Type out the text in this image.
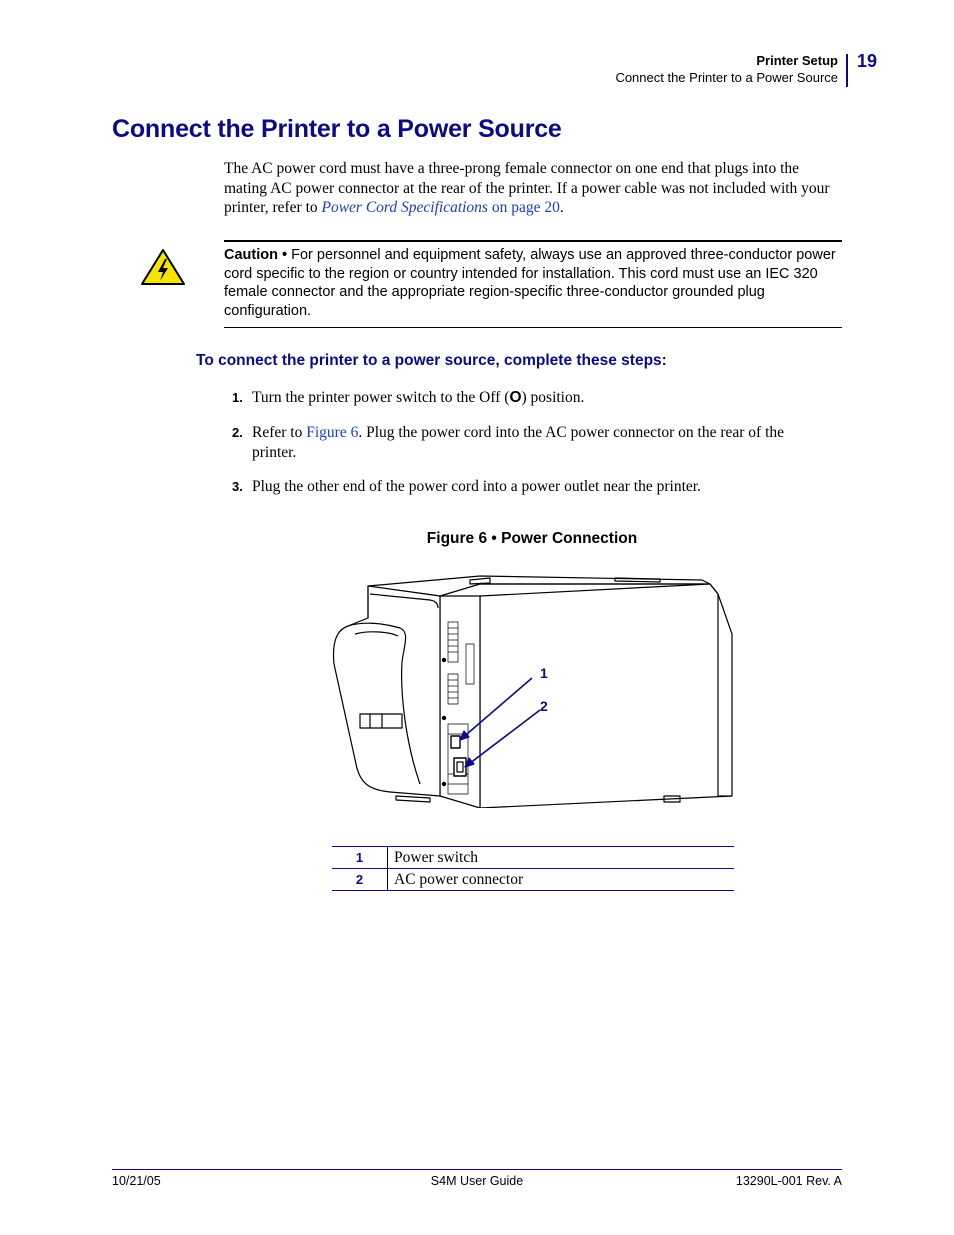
Printer Setup
Connect the Printer to a Power Source
19
Connect the Printer to a Power Source
The AC power cord must have a three-prong female connector on one end that plugs into the mating AC power connector at the rear of the printer. If a power cable was not included with your printer, refer to Power Cord Specifications on page 20.
Caution • For personnel and equipment safety, always use an approved three-conductor power cord specific to the region or country intended for installation. This cord must use an IEC 320 female connector and the appropriate region-specific three-conductor grounded plug configuration.
To connect the printer to a power source, complete these steps:
1. Turn the printer power switch to the Off (O) position.
2. Refer to Figure 6. Plug the power cord into the AC power connector on the rear of the printer.
3. Plug the other end of the power cord into a power outlet near the printer.
Figure 6 • Power Connection
1
2
1	Power switch
2	AC power connector
10/21/05	S4M User Guide	13290L-001 Rev. A
